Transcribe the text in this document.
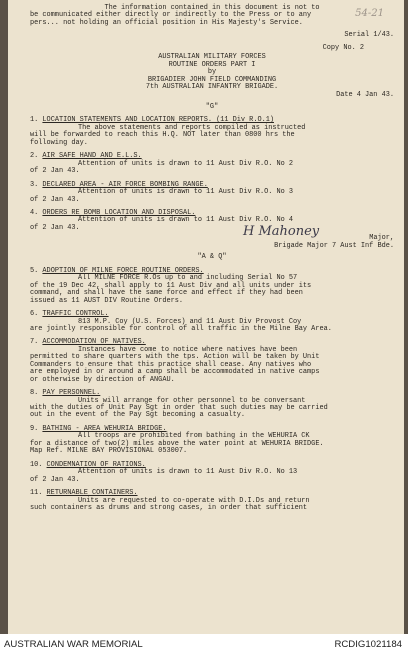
54-21

The information contained in this document is not to

be communicated either directly or indirectly to the Press or to any

pers... not holding an official position in His Majesty's Service.

Serial 1/43.

Copy No. 2

AUSTRALIAN MILITARY FORCES

ROUTINE ORDERS PART I

by

BRIGADIER JOHN FIELD COMMANDING

7th AUSTRALIAN INFANTRY BRIGADE.

Date 4 Jan 43.

"G"

1. LOCATION STATEMENTS AND LOCATION REPORTS. (11 Div R.O.1)

The above statements and reports compiled as instructed

will be forwarded to reach this H.Q. NOT later than 0800 hrs the

following day.

2. AIR SAFE HAND AND E.L.S.

Attention of units is drawn to 11 Aust Div R.O. No 2

of 2 Jan 43.

3. DECLARED AREA - AIR FORCE BOMBING RANGE.

Attention of units is drawn to 11 Aust Div R.O. No 3

of 2 Jan 43.

4. ORDERS RE BOMB LOCATION AND DISPOSAL.

Attention of units is drawn to 11 Aust Div R.O. No 4

of 2 Jan 43.	H Mahoney	Major,

Brigade Major 7 Aust Inf Bde.

"A & Q"

5. ADOPTION OF MILNE FORCE ROUTINE ORDERS.

All MILNE FORCE R.Os up to and including Serial No 57

of the 19 Dec 42, shall apply to 11 Aust Div and all units under its

command, and shall have the same force and effect if they had been

issued as 11 AUST DIV Routine Orders.

6. TRAFFIC CONTROL.

813 M.P. Coy (U.S. Forces) and 11 Aust Div Provost Coy

are jointly responsible for control of all traffic in the Milne Bay Area.

7. ACCOMMODATION OF NATIVES.

Instances have come to notice where natives have been

permitted to share quarters with the tps. Action will be taken by Unit

Commanders to ensure that this practice shall cease. Any natives who

are employed in or around a camp shall be accommodated in native camps

or otherwise by direction of ANGAU.

8. PAY PERSONNEL.

Units will arrange for other personnel to be conversant

with the duties of Unit Pay Sgt in order that such duties may be carried

out in the event of the Pay Sgt becoming a casualty.

9. BATHING - AREA WEHURIA BRIDGE.

All troops are prohibited from bathing in the WEHURIA CK

for a distance of two(2) miles above the water point at WEHURIA BRIDGE.

Map Ref. MILNE BAY PROVISIONAL 053007.

10. CONDEMNATION OF RATIONS.

Attention of units is drawn to 11 Aust Div R.O. No 13

of 2 Jan 43.

11. RETURNABLE CONTAINERS.

Units are requested to co-operate with D.I.Ds and return

such containers as drums and strong cases, in order that sufficient

AUSTRALIAN WAR MEMORIAL	RCDIG1021184
